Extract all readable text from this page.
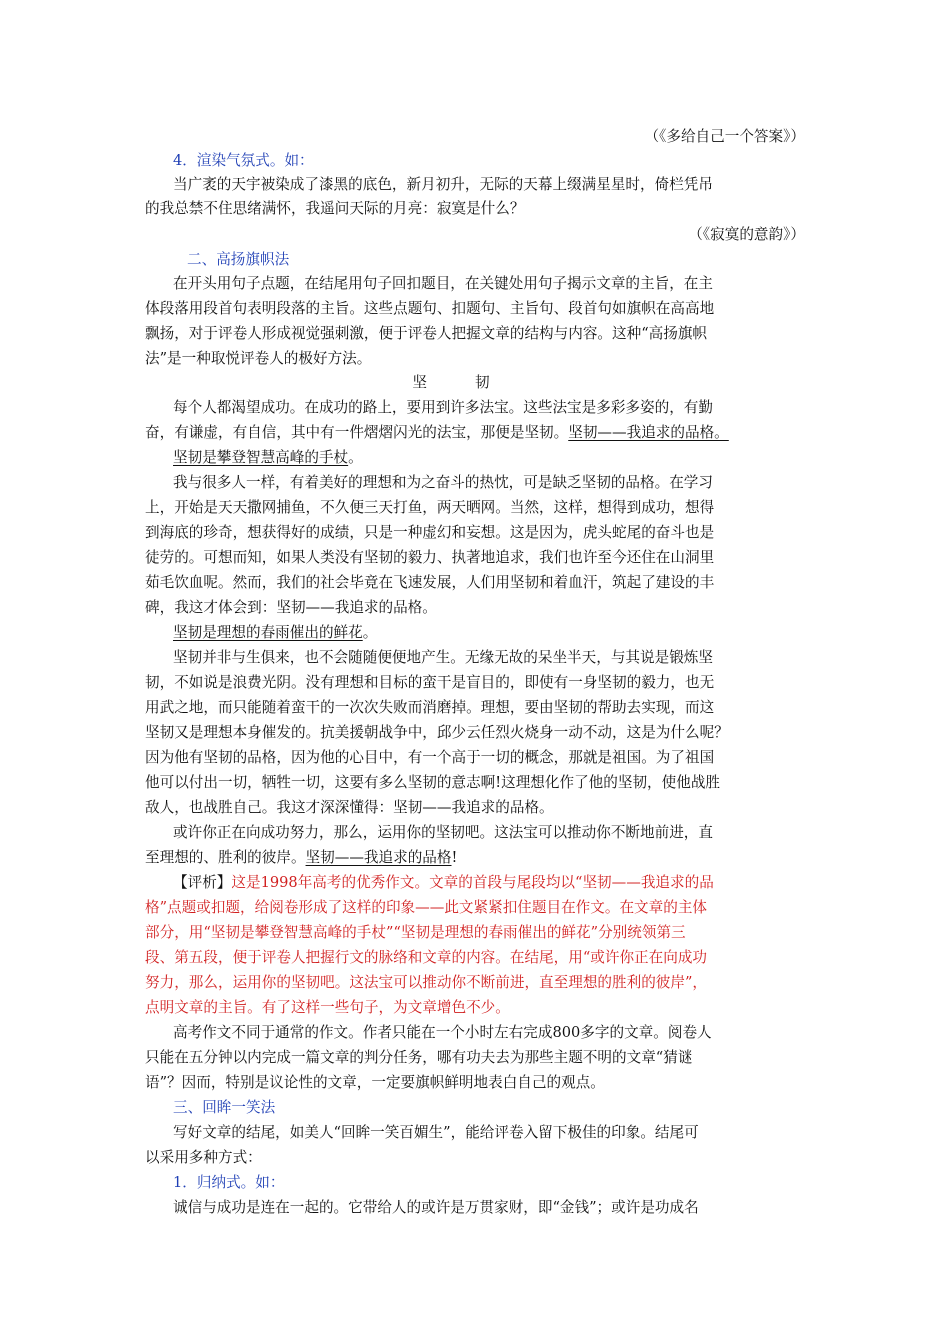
（《多给自己一个答案》）
4．渲染气氛式。如：
当广袤的天宇被染成了漆黑的底色，新月初升，无际的天幕上缀满星星时，倚栏凭吊
的我总禁不住思绪满怀，我遥问天际的月亮：寂寞是什么？
（《寂寞的意韵》）
二、高扬旗帜法
在开头用句子点题，在结尾用句子回扣题目，在关键处用句子揭示文章的主旨，在主
体段落用段首句表明段落的主旨。这些点题句、扣题句、主旨句、段首句如旗帜在高高地
飘扬，对于评卷人形成视觉强刺激，便于评卷人把握文章的结构与内容。这种“高扬旗帜
法”是一种取悦评卷人的极好方法。
坚韧
每个人都渴望成功。在成功的路上，要用到许多法宝。这些法宝是多彩多姿的，有勤
奋，有谦虚，有自信，其中有一件熠熠闪光的法宝，那便是坚韧。坚韧——我追求的品格。
坚韧是攀登智慧高峰的手杖。
我与很多人一样，有着美好的理想和为之奋斗的热忱，可是缺乏坚韧的品格。在学习
上，开始是天天撒网捕鱼，不久便三天打鱼，两天晒网。当然，这样，想得到成功，想得
到海底的珍奇，想获得好的成绩，只是一种虚幻和妄想。这是因为，虎头蛇尾的奋斗也是
徒劳的。可想而知，如果人类没有坚韧的毅力、执著地追求，我们也许至今还住在山洞里
茹毛饮血呢。然而，我们的社会毕竟在飞速发展，人们用坚韧和着血汗，筑起了建设的丰
碑，我这才体会到：坚韧——我追求的品格。
坚韧是理想的春雨催出的鲜花。
坚韧并非与生俱来，也不会随随便便地产生。无缘无故的呆坐半天，与其说是锻炼坚
韧，不如说是浪费光阴。没有理想和目标的蛮干是盲目的，即使有一身坚韧的毅力，也无
用武之地，而只能随着蛮干的一次次失败而消磨掉。理想，要由坚韧的帮助去实现，而这
坚韧又是理想本身催发的。抗美援朝战争中，邱少云任烈火烧身一动不动，这是为什么呢？
因为他有坚韧的品格，因为他的心目中，有一个高于一切的概念，那就是祖国。为了祖国
他可以付出一切，牺牲一切，这要有多么坚韧的意志啊!这理想化作了他的坚韧，使他战胜
敌人，也战胜自己。我这才深深懂得：坚韧——我追求的品格。
或许你正在向成功努力，那么，运用你的坚韧吧。这法宝可以推动你不断地前进，直
至理想的、胜利的彼岸。坚韧——我追求的品格!
【评析】这是1998年高考的优秀作文。文章的首段与尾段均以“坚韧——我追求的品
格”点题或扣题，给阅卷形成了这样的印象——此文紧紧扣住题目在作文。在文章的主体
部分，用“坚韧是攀登智慧高峰的手杖”“坚韧是理想的春雨催出的鲜花”分别统领第三
段、第五段，便于评卷人把握行文的脉络和文章的内容。在结尾，用“或许你正在向成功
努力，那么，运用你的坚韧吧。这法宝可以推动你不断前进，直至理想的胜利的彼岸”，
点明文章的主旨。有了这样一些句子，为文章增色不少。
高考作文不同于通常的作文。作者只能在一个小时左右完成800多字的文章。阅卷人
只能在五分钟以内完成一篇文章的判分任务，哪有功夫去为那些主题不明的文章“猜谜
语”？因而，特别是议论性的文章，一定要旗帜鲜明地表白自己的观点。
三、回眸一笑法
写好文章的结尾，如美人“回眸一笑百媚生”，能给评卷入留下极佳的印象。结尾可
以采用多种方式：
1．归纳式。如：
诚信与成功是连在一起的。它带给人的或许是万贯家财，即“金钱”；或许是功成名
